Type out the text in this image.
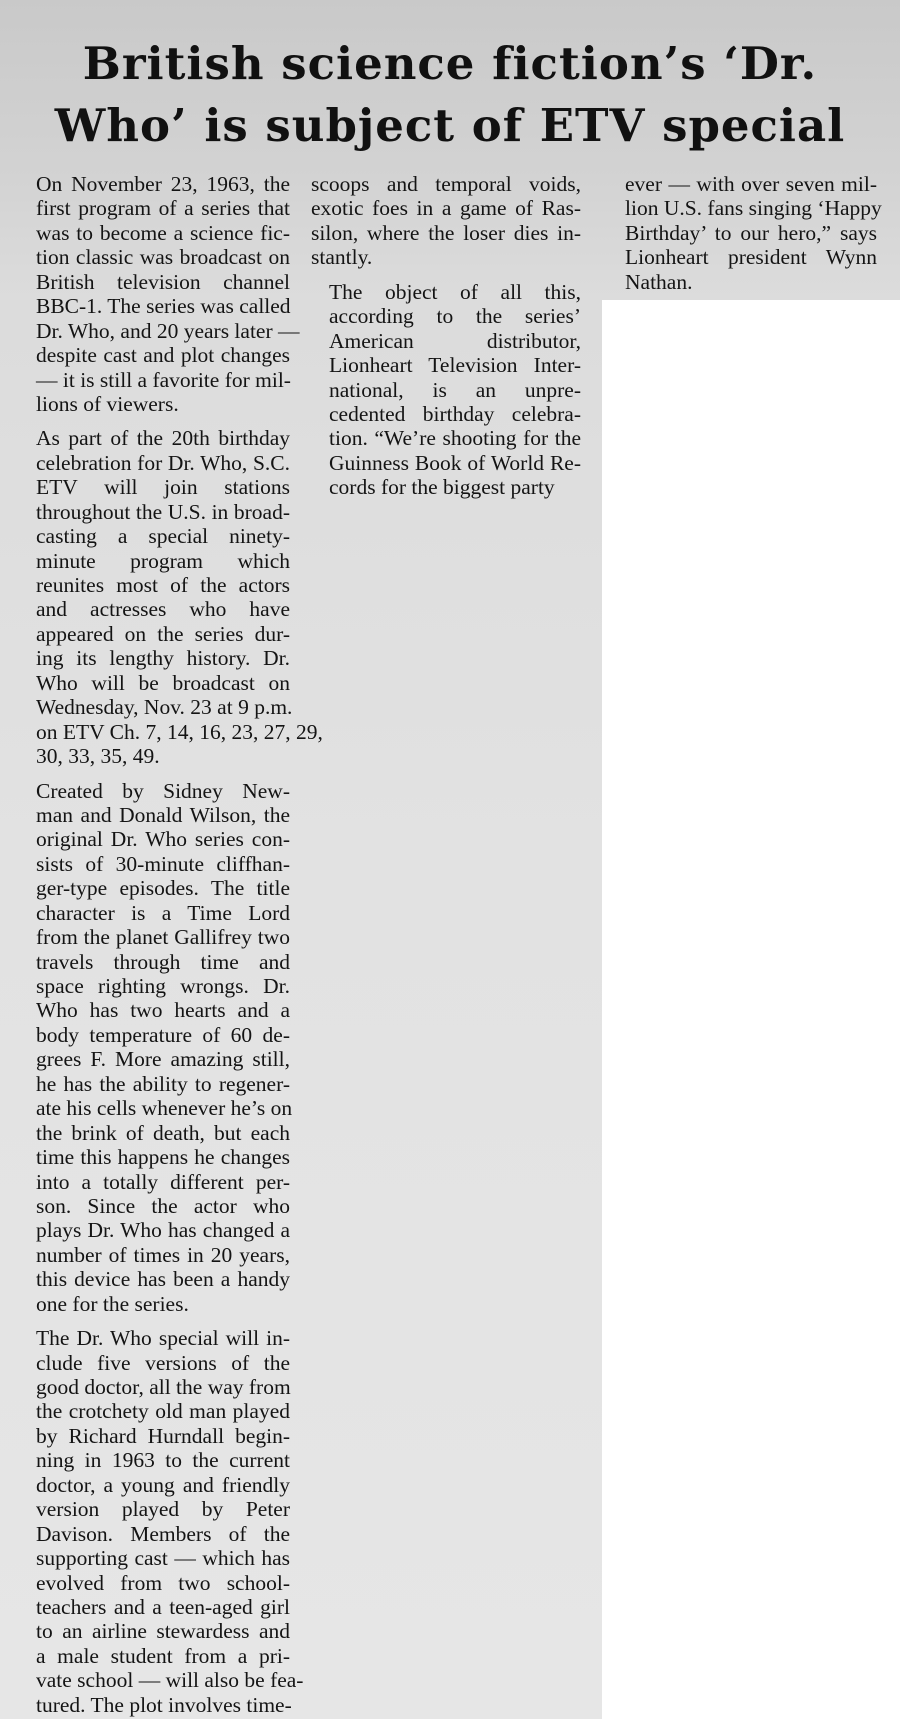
British science fiction’s ‘Dr.
Who’ is subject of ETV special

On November 23, 1963, the
first program of a series that
was to become a science fic-
tion classic was broadcast on
British television channel
BBC-1. The series was called
Dr. Who, and 20 years later —
despite cast and plot changes
— it is still a favorite for mil-
lions of viewers.

As part of the 20th birthday
celebration for Dr. Who, S.C.
ETV will join stations
throughout the U.S. in broad-
casting a special ninety-
minute program which
reunites most of the actors
and actresses who have
appeared on the series dur-
ing its lengthy history. Dr.
Who will be broadcast on
Wednesday, Nov. 23 at 9 p.m.
on ETV Ch. 7, 14, 16, 23, 27, 29,
30, 33, 35, 49.

Created by Sidney New-
man and Donald Wilson, the
original Dr. Who series con-
sists of 30-minute cliffhan-
ger-type episodes. The title
character is a Time Lord
from the planet Gallifrey two
travels through time and
space righting wrongs. Dr.
Who has two hearts and a
body temperature of 60 de-
grees F. More amazing still,
he has the ability to regener-
ate his cells whenever he’s on
the brink of death, but each
time this happens he changes
into a totally different per-
son. Since the actor who
plays Dr. Who has changed a
number of times in 20 years,
this device has been a handy
one for the series.

The Dr. Who special will in-
clude five versions of the
good doctor, all the way from
the crotchety old man played
by Richard Hurndall begin-
ning in 1963 to the current
doctor, a young and friendly
version played by Peter
Davison. Members of the
supporting cast — which has
evolved from two school-
teachers and a teen-aged girl
to an airline stewardess and
a male student from a pri-
vate school — will also be fea-
tured. The plot involves time-

scoops and temporal voids,
exotic foes in a game of Ras-
silon, where the loser dies in-
stantly.

The object of all this,
according to the series’
American distributor,
Lionheart Television Inter-
national, is an unpre-
cedented birthday celebra-
tion. “We’re shooting for the
Guinness Book of World Re-
cords for the biggest party

ever — with over seven mil-
lion U.S. fans singing ‘Happy
Birthday’ to our hero,” says
Lionheart president Wynn
Nathan.
